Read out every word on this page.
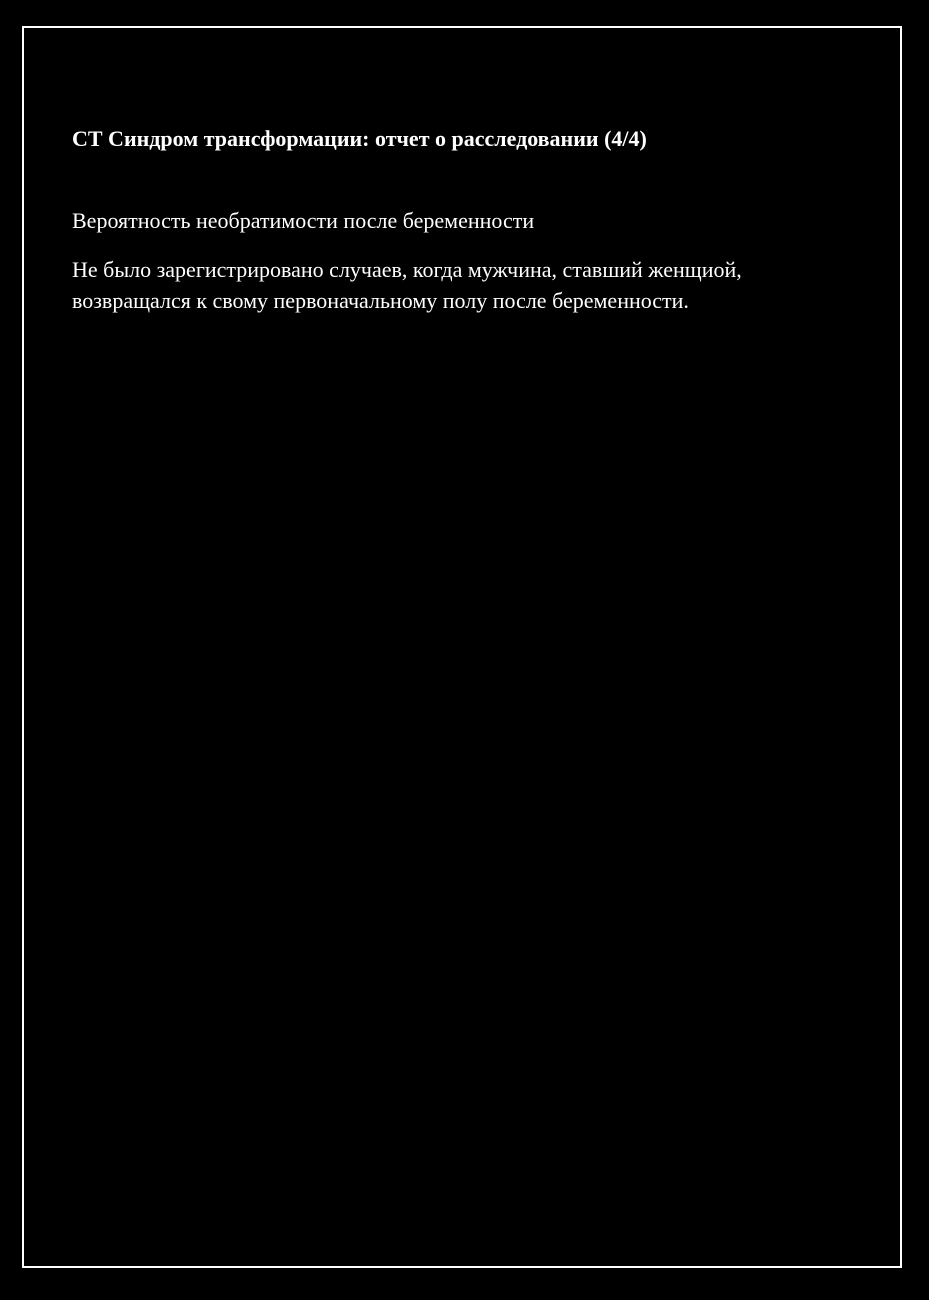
СТ Синдром трансформации: отчет о расследовании (4/4)

Вероятность необратимости после беременности

Не было зарегистрировано случаев, когда мужчина, ставший женщиой, возвращался к свому первоначальному полу после беременности.
